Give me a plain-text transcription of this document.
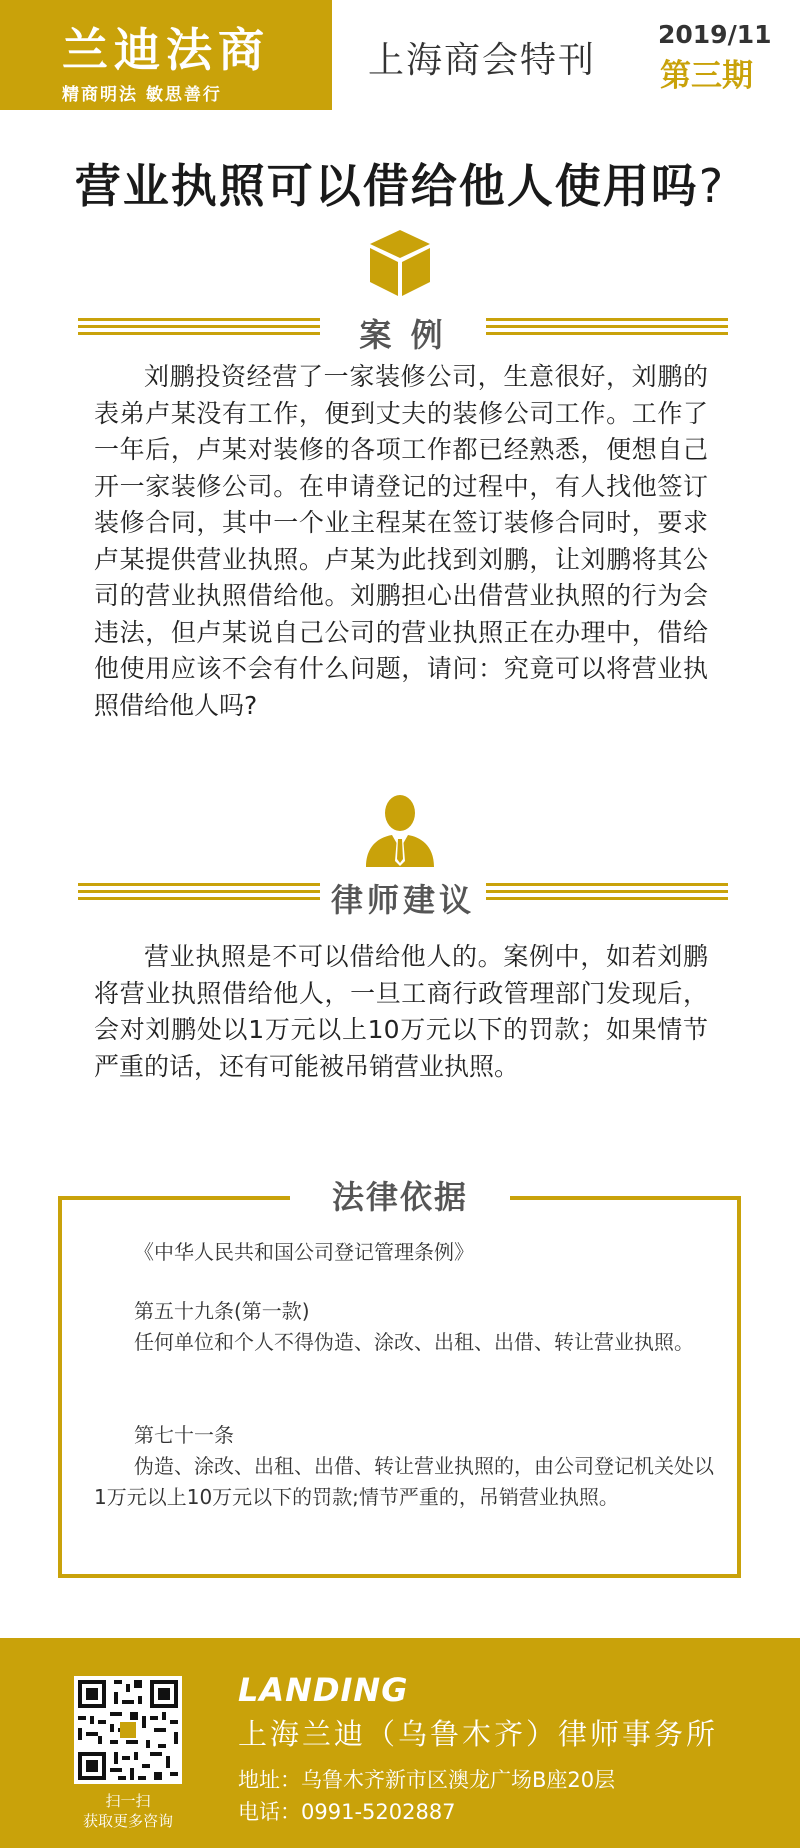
兰迪法商
精商明法 敏思善行
上海商会特刊
2019/11
第三期
营业执照可以借给他人使用吗?
案 例

刘鹏投资经营了一家装修公司，生意很好，刘鹏的表弟卢某没有工作，便到丈夫的装修公司工作。工作了一年后，卢某对装修的各项工作都已经熟悉，便想自己开一家装修公司。在申请登记的过程中，有人找他签订装修合同，其中一个业主程某在签订装修合同时，要求卢某提供营业执照。卢某为此找到刘鹏，让刘鹏将其公司的营业执照借给他。刘鹏担心出借营业执照的行为会违法，但卢某说自己公司的营业执照正在办理中，借给他使用应该不会有什么问题，请问：究竟可以将营业执照借给他人吗?

律师建议

营业执照是不可以借给他人的。案例中，如若刘鹏将营业执照借给他人，一旦工商行政管理部门发现后，会对刘鹏处以1万元以上10万元以下的罚款；如果情节严重的话，还有可能被吊销营业执照。

法律依据

《中华人民共和国公司登记管理条例》

第五十九条(第一款)

任何单位和个人不得伪造、涂改、出租、出借、转让营业执照。

第七十一条

伪造、涂改、出租、出借、转让营业执照的，由公司登记机关处以1万元以上10万元以下的罚款;情节严重的，吊销营业执照。

扫一扫
获取更多咨询
LANDING
上海兰迪（乌鲁木齐）律师事务所
地址：乌鲁木齐新市区澳龙广场B座20层
电话：0991-5202887
